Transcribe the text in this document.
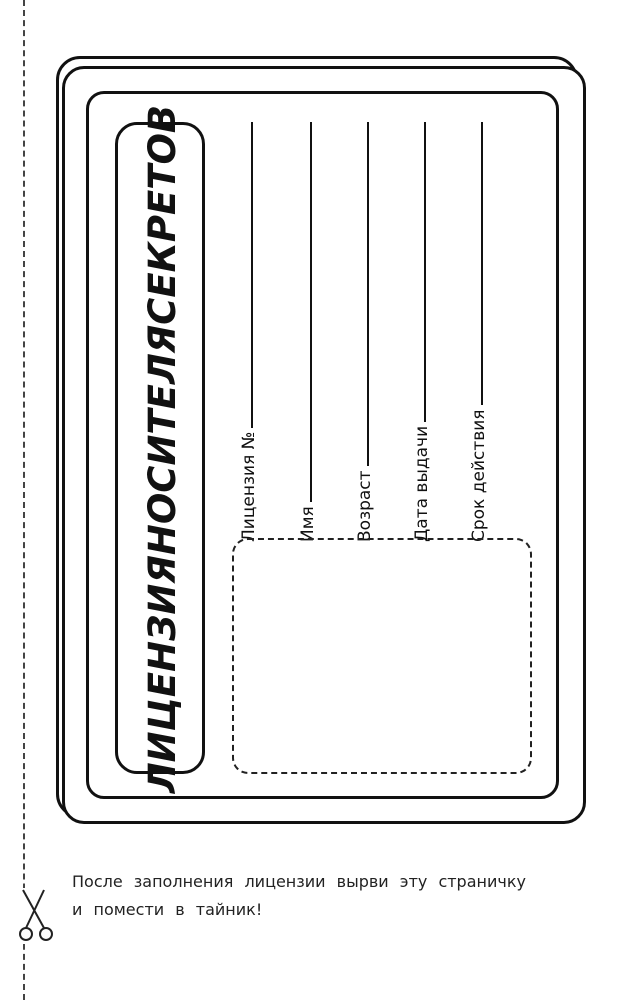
ЛИЦЕНЗИЯ
НОСИТЕЛЯ
СЕКРЕТОВ
Лицензия № Имя Возраст Дата выдачи Срок действия
После заполнения лицензии вырви эту страничку
и помести в тайник!
